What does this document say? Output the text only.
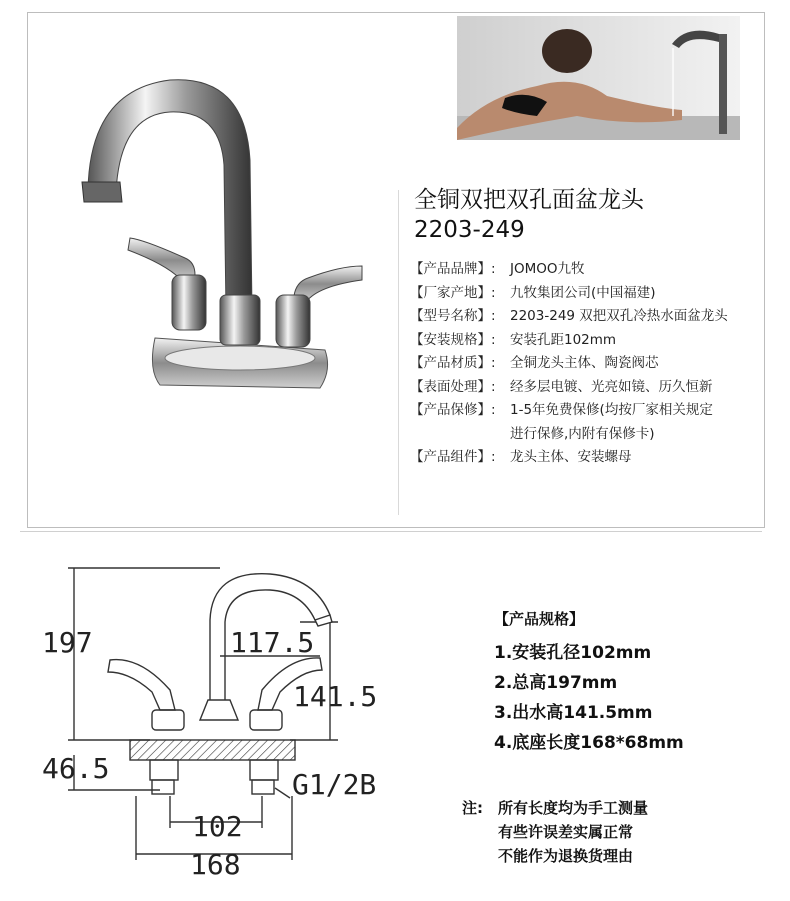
全铜双把双孔面盆龙头
2203-249
【产品品牌】:	JOMOO九牧
【厂家产地】:	九牧集团公司(中国福建)
【型号名称】:	2203-249 双把双孔冷热水面盆龙头
【安装规格】:	安装孔距102mm
【产品材质】:	全铜龙头主体、陶瓷阀芯
【表面处理】:	经多层电镀、光亮如镜、历久恒新
【产品保修】:	1-5年免费保修(均按厂家相关规定
进行保修,内附有保修卡)
【产品组件】:	龙头主体、安装螺母
197	117.5
141.5
46.5	G1/2B
102
168
【产品规格】
1.安装孔径102mm
2.总高197mm
3.出水高141.5mm
4.底座长度168*68mm
注:	所有长度均为手工测量
有些许误差实属正常
不能作为退换货理由
